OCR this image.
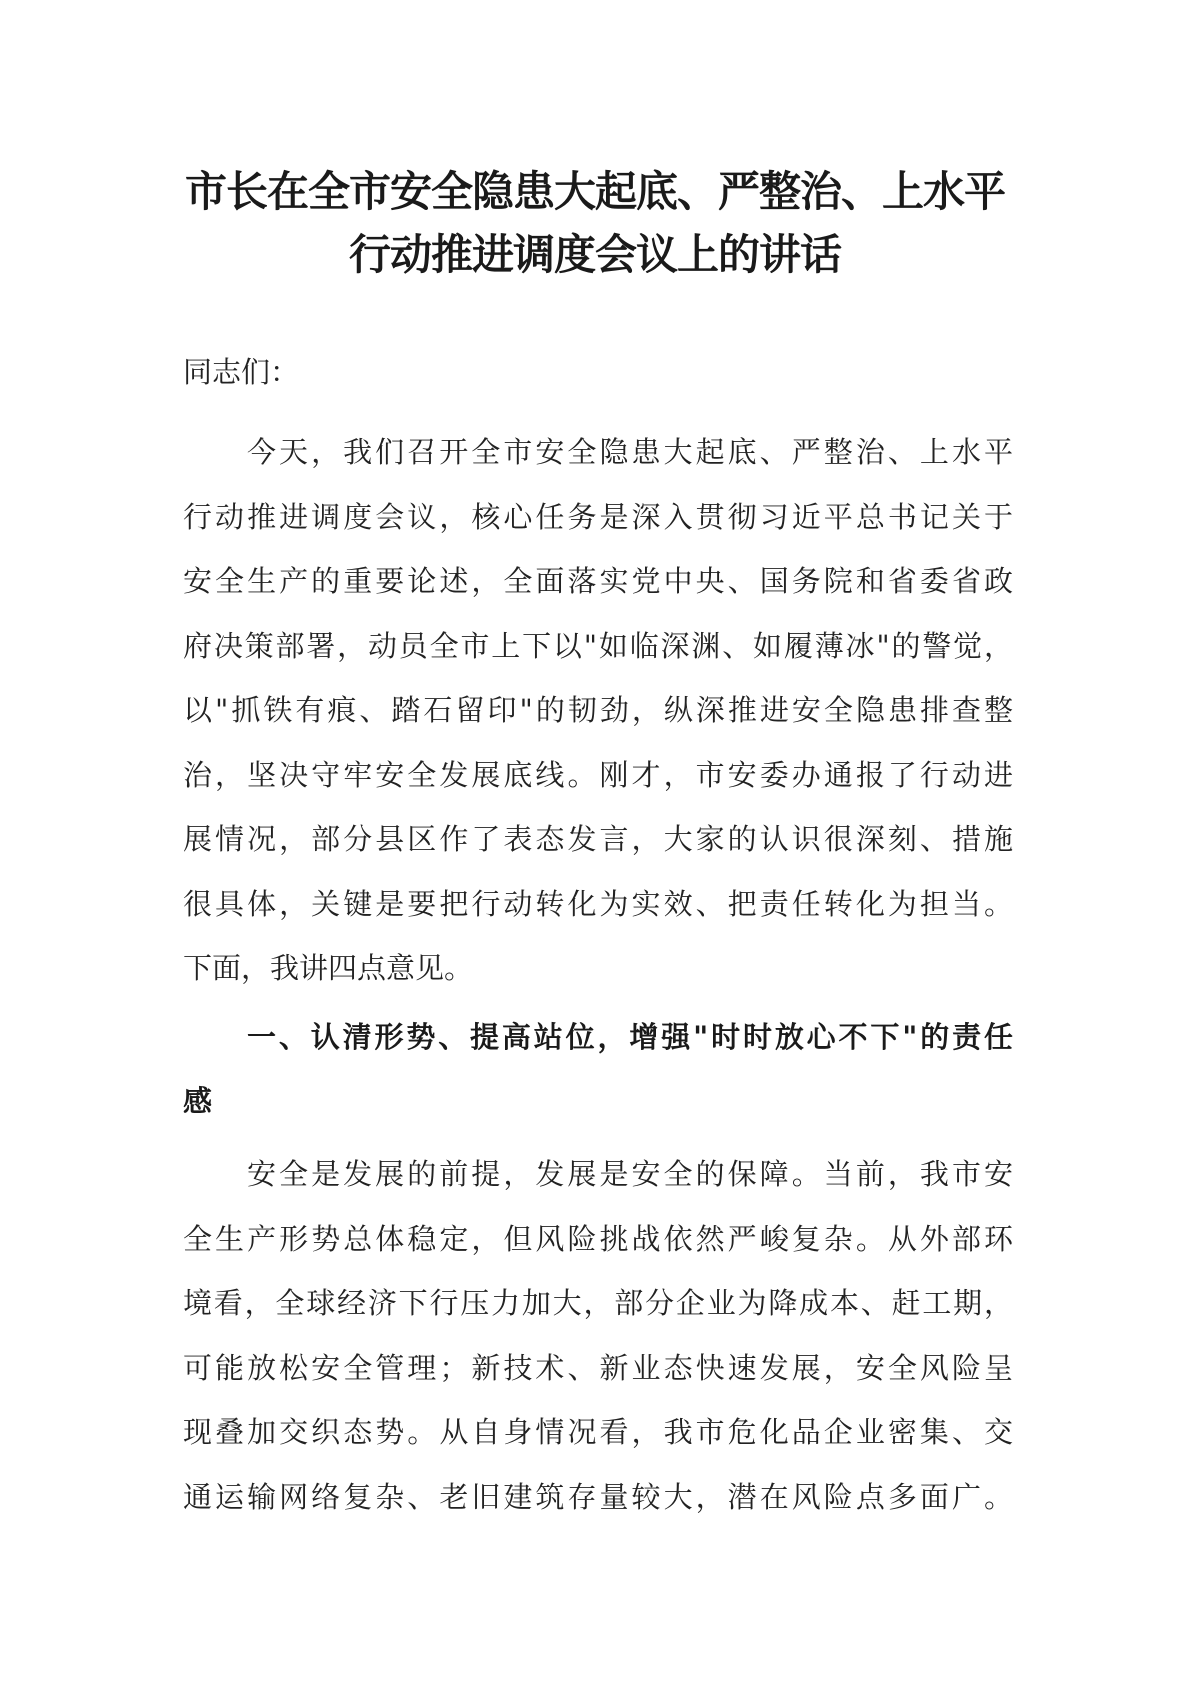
市长在全市安全隐患大起底、严整治、上水平
行动推进调度会议上的讲话

同志们：

今天，我们召开全市安全隐患大起底、严整治、上水平
行动推进调度会议，核心任务是深入贯彻习近平总书记关于
安全生产的重要论述，全面落实党中央、国务院和省委省政
府决策部署，动员全市上下以"如临深渊、如履薄冰"的警觉，
以"抓铁有痕、踏石留印"的韧劲，纵深推进安全隐患排查整
治，坚决守牢安全发展底线。刚才，市安委办通报了行动进
展情况，部分县区作了表态发言，大家的认识很深刻、措施
很具体，关键是要把行动转化为实效、把责任转化为担当。
下面，我讲四点意见。
一、认清形势、提高站位，增强"时时放心不下"的责任
感
安全是发展的前提，发展是安全的保障。当前，我市安
全生产形势总体稳定，但风险挑战依然严峻复杂。从外部环
境看，全球经济下行压力加大，部分企业为降成本、赶工期，
可能放松安全管理；新技术、新业态快速发展，安全风险呈
现叠加交织态势。从自身情况看，我市危化品企业密集、交
通运输网络复杂、老旧建筑存量较大，潜在风险点多面广。
